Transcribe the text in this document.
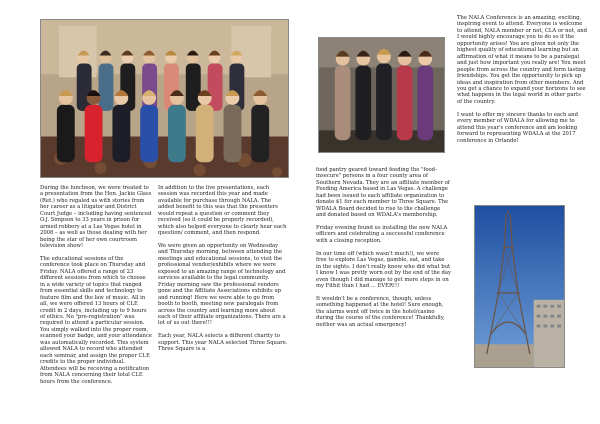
During the luncheon, we were treated to a presentation from the Hon. Jackie Glass (Ret.) who regaled us with stories from her career as a litigator and District Court Judge – including having sentenced O.J. Simpson to 33 years in prison for armed robbery at a Las Vegas hotel in 2008 – as well as those dealing with her being the star of her own courtroom television show!

The educational sessions of the conference took place on Thursday and Friday. NALA offered a range of 23 different sessions from which to choose in a wide variety of topics that ranged from essential skills and technology to feature film and the law of music. All in all, we were offered 13 hours of CLE credit in 2 days, including up to 9 hours of ethics. No "pre-registration" was required to attend a particular session. You simply walked into the proper room, scanned your badge, and your attendance was automatically recorded. This system allowed NALA to record who attended each seminar, and assign the proper CLE credits to the proper individual. Attendees will be receiving a notification from NALA concerning their total CLE hours from the conference.

In addition to the live presentations, each session was recorded this year and made available for purchase through NALA. The added benefit to this was that the presenters would repeat a question or comment they received (so it could be properly recorded), which also helped everyone to clearly hear each question/ comment, and then respond.

We were given an opportunity on Wednesday and Thursday morning, between attending the meetings and educational sessions, to visit the professional vendor/exhibits where we were exposed to an amazing range of technology and services available to the legal community. Friday morning saw the professional vendors gone and the Affiliate Associations exhibits up and running! Here we were able to go from booth to booth, meeting new paralegals from across the country and learning more about each of their affiliate organizations. There are a lot of us out there!!!

Each year, NALA selects a different charity to support. This year NALA selected Three Square. Three Square is a

food pantry geared toward feeding the "food-insecure" persons in a four county area of Southern Nevada. They are an affiliate member of Feeding America based in Las Vegas. A challenge had been issued to each affiliate organization to donate $1 for each member to Three Square. The WDALA Board decided to rise to the challenge and donated based on WDALA's membership.

Friday evening found us installing the new NALA officers and celebrating a successful conference with a closing reception.

In our time off (which wasn't much!), we were free to explore Las Vegas, gamble, eat, and take in the sights. I don't really know who did what but I know I was pretty worn out by the end of the day even though I did manage to get more steps in on my Fitbit than I had ... EVER!!!

It wouldn't be a conference, though, unless something happened at the hotel! Sure enough, the alarms went off twice in the hotel/casino during the course of the conference! Thankfully, neither was an actual emergency!

The NALA Conference is an amazing, exciting, inspiring event to attend. Everyone is welcome to attend, NALA member or not, CLA or not, and I would highly encourage you to do so if the opportunity arises! You are given not only the highest quality of educational learning but an affirmation of what it means to be a paralegal and just how important you really are! You meet people from across the country and form lasting friendships. You get the opportunity to pick up ideas and inspiration from other members. And you get a chance to expand your horizons to see what happens in the legal world in other parts of the country.

I want to offer my sincere thanks to each and every member of WDALA for allowing me to attend this year's conference and am looking forward to representing WDALA at the 2017 conference in Orlando!
